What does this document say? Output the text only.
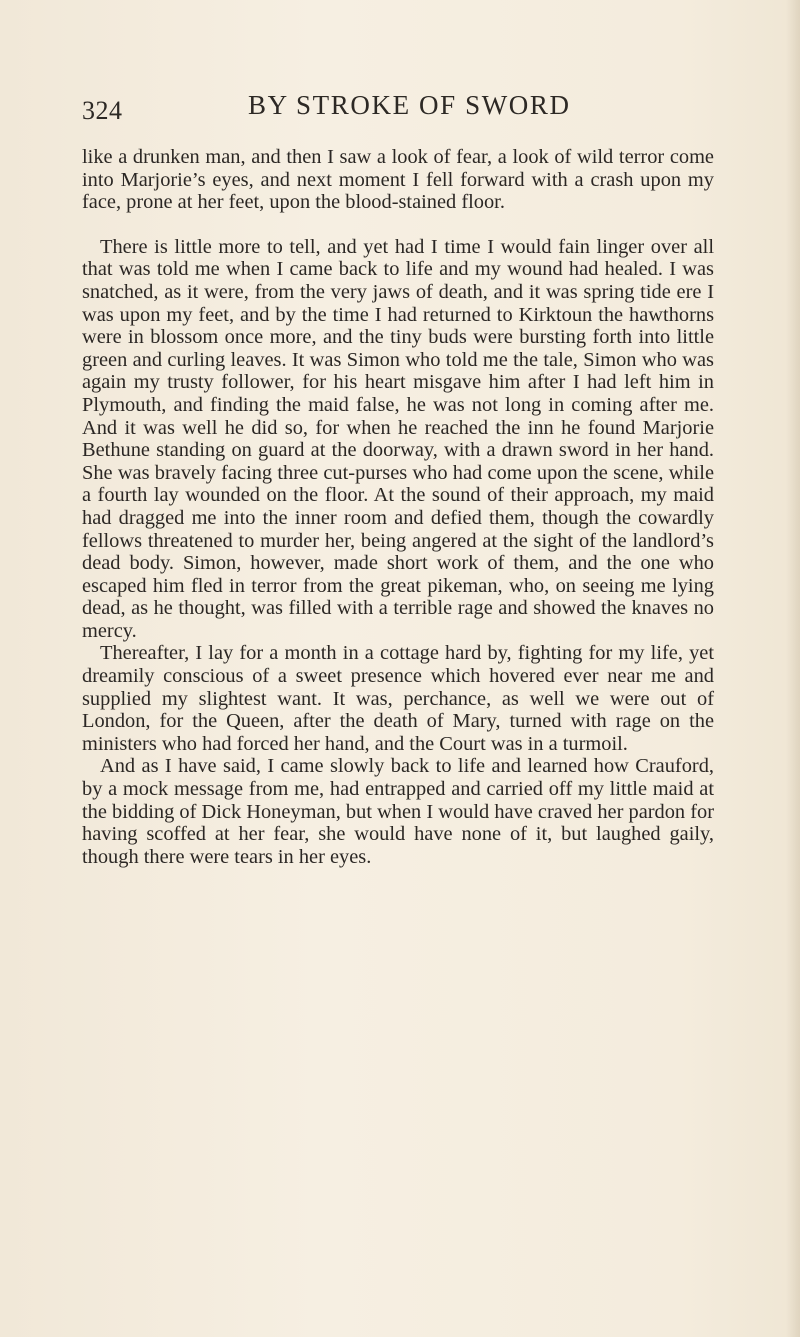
324	BY STROKE OF SWORD

like a drunken man, and then I saw a look of fear, a look of wild terror come into Marjorie’s eyes, and next moment I fell forward with a crash upon my face, prone at her feet, upon the blood-stained floor.

There is little more to tell, and yet had I time I would fain linger over all that was told me when I came back to life and my wound had healed. I was snatched, as it were, from the very jaws of death, and it was spring tide ere I was upon my feet, and by the time I had returned to Kirktoun the hawthorns were in blossom once more, and the tiny buds were bursting forth into little green and curling leaves. It was Simon who told me the tale, Simon who was again my trusty follower, for his heart misgave him after I had left him in Plymouth, and finding the maid false, he was not long in coming after me. And it was well he did so, for when he reached the inn he found Marjorie Bethune standing on guard at the doorway, with a drawn sword in her hand. She was bravely facing three cut-purses who had come upon the scene, while a fourth lay wounded on the floor. At the sound of their approach, my maid had dragged me into the inner room and defied them, though the cowardly fellows threatened to murder her, being angered at the sight of the landlord’s dead body. Simon, however, made short work of them, and the one who escaped him fled in terror from the great pikeman, who, on seeing me lying dead, as he thought, was filled with a terrible rage and showed the knaves no mercy.

Thereafter, I lay for a month in a cottage hard by, fighting for my life, yet dreamily conscious of a sweet presence which hovered ever near me and supplied my slightest want. It was, perchance, as well we were out of London, for the Queen, after the death of Mary, turned with rage on the ministers who had forced her hand, and the Court was in a turmoil.

And as I have said, I came slowly back to life and learned how Crauford, by a mock message from me, had entrapped and carried off my little maid at the bidding of Dick Honeyman, but when I would have craved her pardon for having scoffed at her fear, she would have none of it, but laughed gaily, though there were tears in her eyes.
